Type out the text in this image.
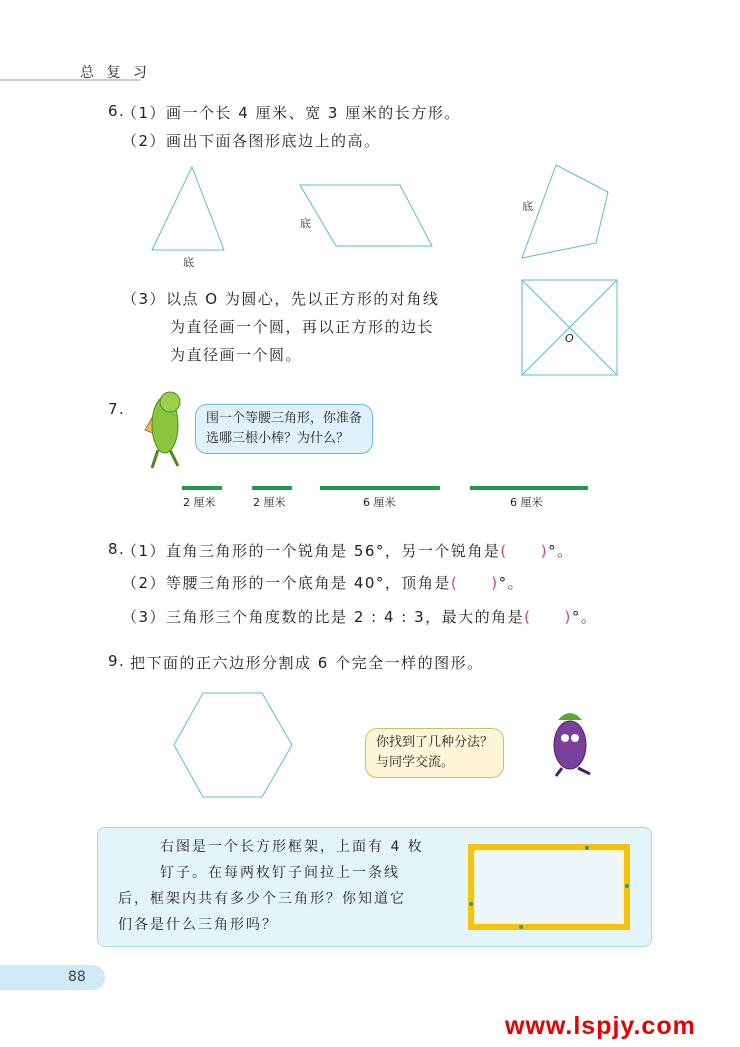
总 复 习
6.
（1）画一个长 4 厘米、宽 3 厘米的长方形。
（2）画出下面各图形底边上的高。
底
底
底
（3）以点 O 为圆心，先以正方形的对角线
为直径画一个圆，再以正方形的边长
为直径画一个圆。
O
7.
围一个等腰三角形，你准备
选哪三根小棒？为什么？
2 厘米	2 厘米	6 厘米	6 厘米
8.
（1）直角三角形的一个锐角是 56°，另一个锐角是(　　)°。
（2）等腰三角形的一个底角是 40°，顶角是(　　)°。
（3）三角形三个角度数的比是 2 : 4 : 3，最大的角是(　　)°。
9. 把下面的正六边形分割成 6 个完全一样的图形。
你找到了几种分法？
与同学交流。
右图是一个长方形框架，上面有 4 枚
钉子。在每两枚钉子间拉上一条线
后，框架内共有多少个三角形？你知道它
们各是什么三角形吗？
88
www.lspjy.com
